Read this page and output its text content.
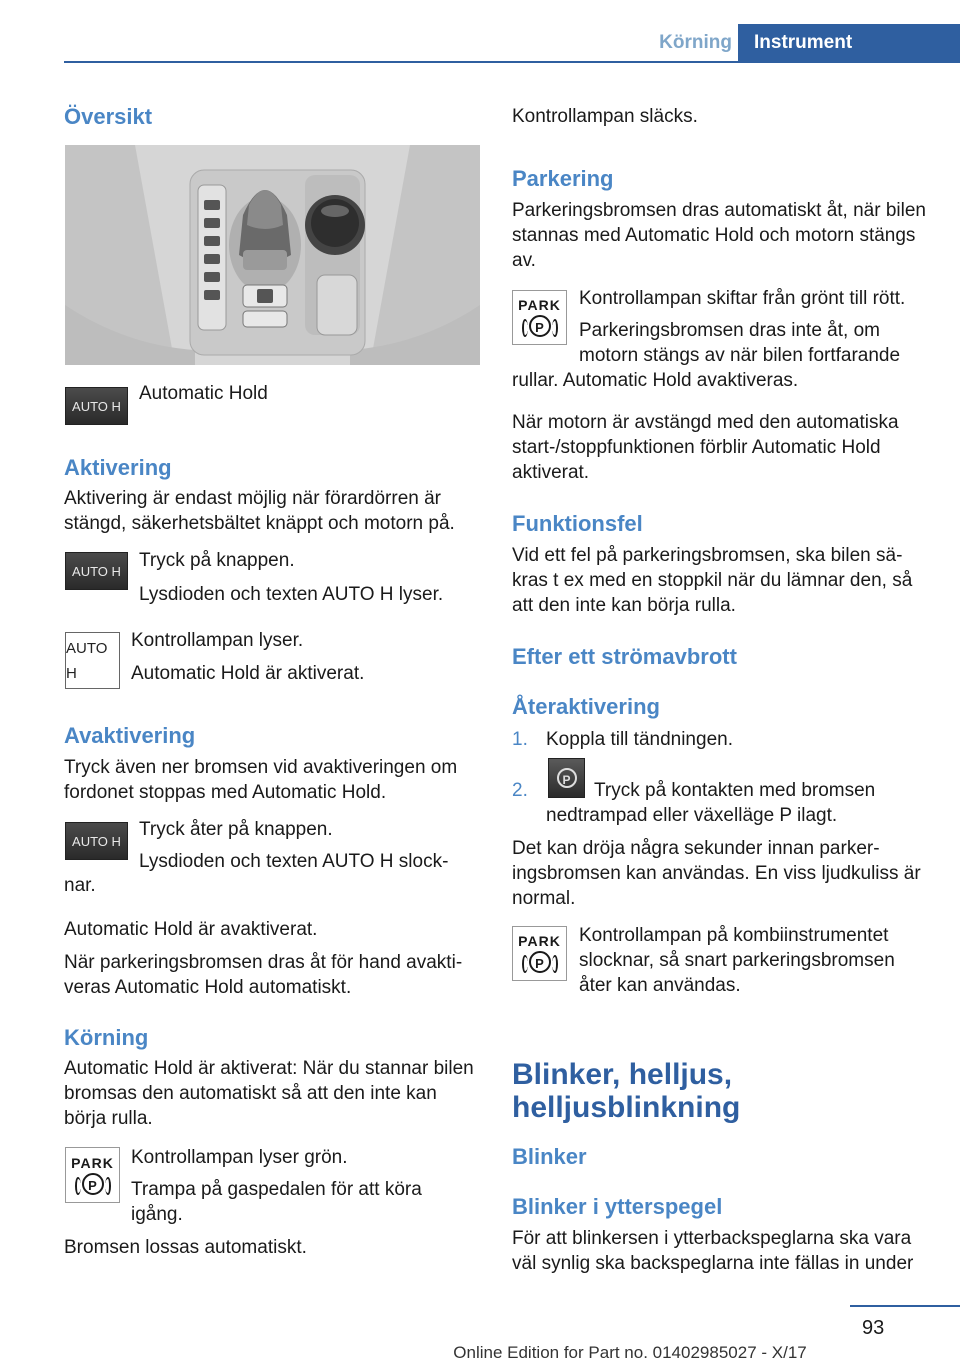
Körning	Instrument
Översikt
AUTO H
Automatic Hold
Aktivering
Aktivering är endast möjlig när förardörren är stängd, säkerhetsbältet knäppt och motorn på.
AUTO H Tryck på knappen.
Lysdioden och texten AUTO H lyser.
AUTO H
Kontrollampan lyser.
Automatic Hold är aktiverat.
Avaktivering
Tryck även ner bromsen vid avaktiveringen om fordonet stoppas med Automatic Hold.
AUTO H
Tryck åter på knappen.
Lysdioden och texten AUTO H slock-
nar.
Automatic Hold är avaktiverat.
När parkeringsbromsen dras åt för hand avaktiveras Automatic Hold automatiskt.
Körning
Automatic Hold är aktiverat: När du stannar bilen bromsas den automatiskt så att den inte kan börja rulla.
PARK
P
Kontrollampan lyser grön.
Trampa på gaspedalen för att köra igång.
Bromsen lossas automatiskt.
Kontrollampan släcks.
Parkering
Parkeringsbromsen dras automatiskt åt, när bilen stannas med Automatic Hold och motorn stängs av.
PARK
P
Kontrollampan skiftar från grönt till rött.
Parkeringsbromsen dras inte åt, om motorn stängs av när bilen fortfarande
rullar. Automatic Hold avaktiveras.
När motorn är avstängd med den automatiska start-/stoppfunktionen förblir Automatic Hold aktiverat.
Funktionsfel
Vid ett fel på parkeringsbromsen, ska bilen säkras t ex med en stoppkil när du lämnar den, så att den inte kan börja rulla.
Efter ett strömavbrott
Återaktivering
1. Koppla till tändningen.
2.	P	Tryck på kontakten med bromsen
nedtrampad eller växelläge P ilagt.
Det kan dröja några sekunder innan parkeringsbromsen kan användas. En viss ljudkuliss är normal.
PARK
P
Kontrollampan på kombiinstrumentet slocknar, så snart parkeringsbromsen åter kan användas.
Blinker, helljus, helljusblinkning
Blinker
Blinker i ytterspegel
För att blinkersen i ytterbackspeglarna ska vara väl synlig ska backspeglarna inte fällas in under
93
Online Edition for Part no. 01402985027 - X/17
